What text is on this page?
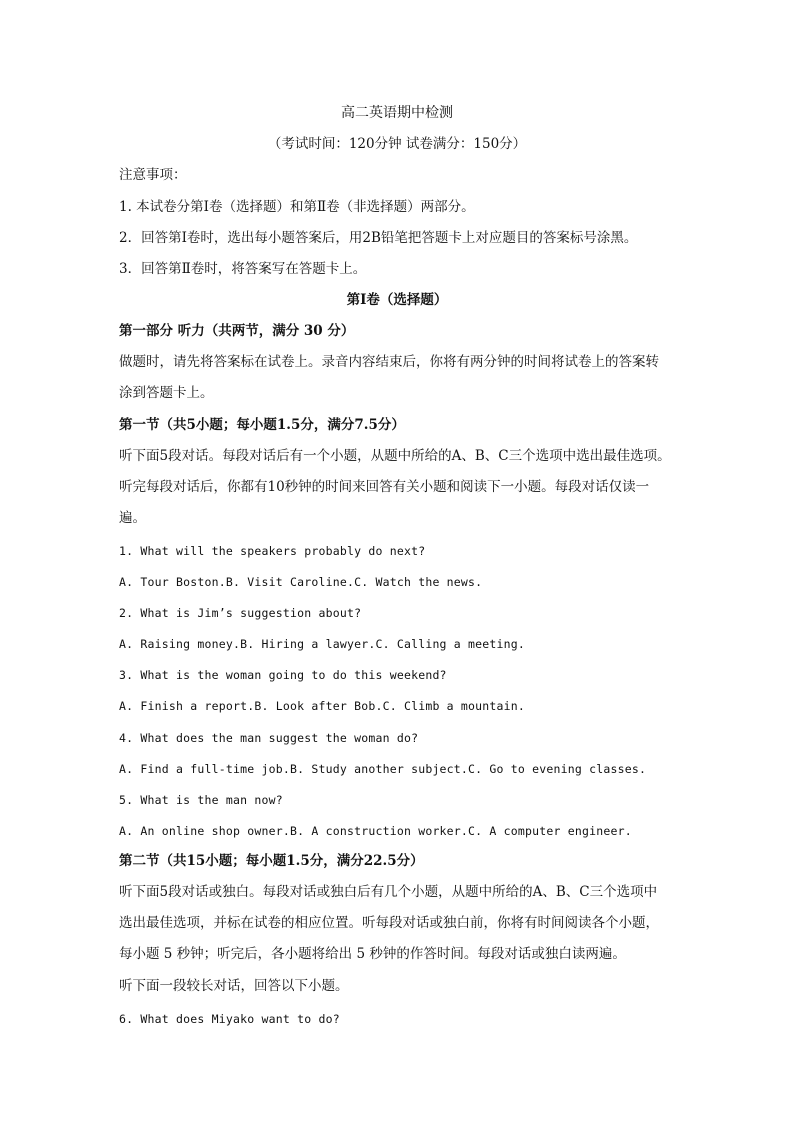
高二英语期中检测
（考试时间：120分钟 试卷满分：150分）
注意事项：
1. 本试卷分第Ⅰ卷（选择题）和第Ⅱ卷（非选择题）两部分。
2．回答第Ⅰ卷时，选出每小题答案后，用2B铅笔把答题卡上对应题目的答案标号涂黑。
3．回答第Ⅱ卷时，将答案写在答题卡上。
第I卷（选择题）
第一部分 听力（共两节，满分 30 分）
做题时，请先将答案标在试卷上。录音内容结束后，你将有两分钟的时间将试卷上的答案转
涂到答题卡上。
第一节（共5小题；每小题1.5分，满分7.5分）
听下面5段对话。每段对话后有一个小题，从题中所给的A、B、C三个选项中选出最佳选项。
听完每段对话后，你都有10秒钟的时间来回答有关小题和阅读下一小题。每段对话仅读一
遍。
1. What will the speakers probably do next?
A. Tour Boston.B. Visit Caroline.C. Watch the news.
2. What is Jim’s suggestion about?
A. Raising money.B. Hiring a lawyer.C. Calling a meeting.
3. What is the woman going to do this weekend?
A. Finish a report.B. Look after Bob.C. Climb a mountain.
4. What does the man suggest the woman do?
A. Find a full-time job.B. Study another subject.C. Go to evening classes.
5. What is the man now?
A. An online shop owner.B. A construction worker.C. A computer engineer.
第二节（共15小题；每小题1.5分，满分22.5分）
听下面5段对话或独白。每段对话或独白后有几个小题，从题中所给的A、B、C三个选项中
选出最佳选项，并标在试卷的相应位置。听每段对话或独白前，你将有时间阅读各个小题，
每小题 5 秒钟；听完后，各小题将给出 5 秒钟的作答时间。每段对话或独白读两遍。
听下面一段较长对话，回答以下小题。
6. What does Miyako want to do?
